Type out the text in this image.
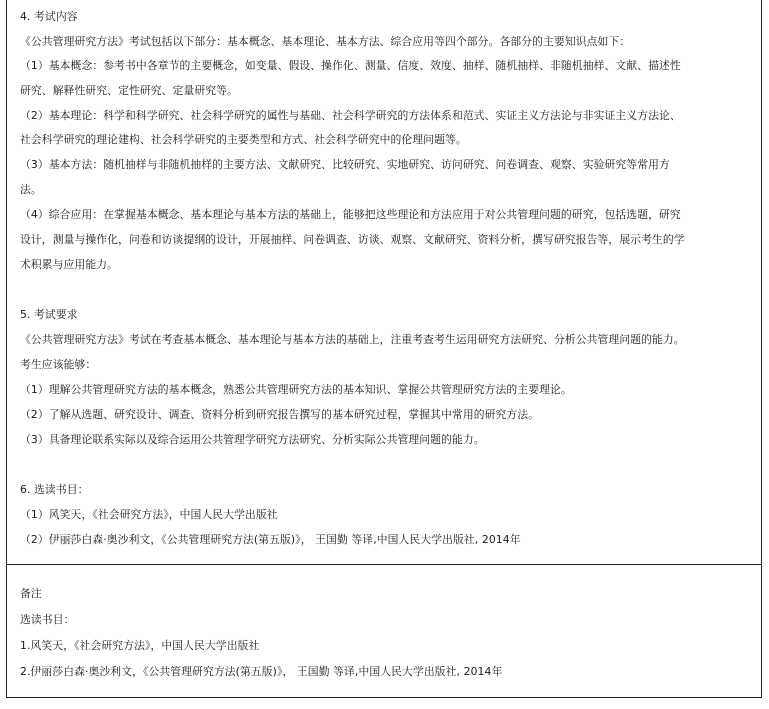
4. 考试内容
《公共管理研究方法》考试包括以下部分：基本概念、基本理论、基本方法、综合应用等四个部分。各部分的主要知识点如下：
（1）基本概念：参考书中各章节的主要概念，如变量、假设、操作化、测量、信度、效度、抽样、随机抽样、非随机抽样、文献、描述性
研究、解释性研究、定性研究、定量研究等。
（2）基本理论：科学和科学研究、社会科学研究的属性与基础、社会科学研究的方法体系和范式、实证主义方法论与非实证主义方法论、
社会科学研究的理论建构、社会科学研究的主要类型和方式、社会科学研究中的伦理问题等。
（3）基本方法：随机抽样与非随机抽样的主要方法、文献研究、比较研究、实地研究、访问研究、问卷调查、观察、实验研究等常用方
法。
（4）综合应用：在掌握基本概念、基本理论与基本方法的基础上，能够把这些理论和方法应用于对公共管理问题的研究，包括选题，研究
设计，测量与操作化，问卷和访谈提纲的设计，开展抽样、问卷调查、访谈、观察、文献研究、资料分析，撰写研究报告等，展示考生的学
术积累与应用能力。
5. 考试要求
《公共管理研究方法》考试在考查基本概念、基本理论与基本方法的基础上，注重考查考生运用研究方法研究、分析公共管理问题的能力。
考生应该能够：
（1）理解公共管理研究方法的基本概念，熟悉公共管理研究方法的基本知识、掌握公共管理研究方法的主要理论。
（2）了解从选题、研究设计、调查、资料分析到研究报告撰写的基本研究过程，掌握其中常用的研究方法。
（3）具备理论联系实际以及综合运用公共管理学研究方法研究、分析实际公共管理问题的能力。
6. 选读书目：
（1）风笑天，《社会研究方法》，中国人民大学出版社
（2）伊丽莎白森·奥沙利文，《公共管理研究方法(第五版)》， 王国勤 等译,中国人民大学出版社, 2014年
备注
选读书目：
1.风笑天，《社会研究方法》，中国人民大学出版社
2.伊丽莎白森·奥沙利文，《公共管理研究方法(第五版)》， 王国勤 等译,中国人民大学出版社, 2014年
